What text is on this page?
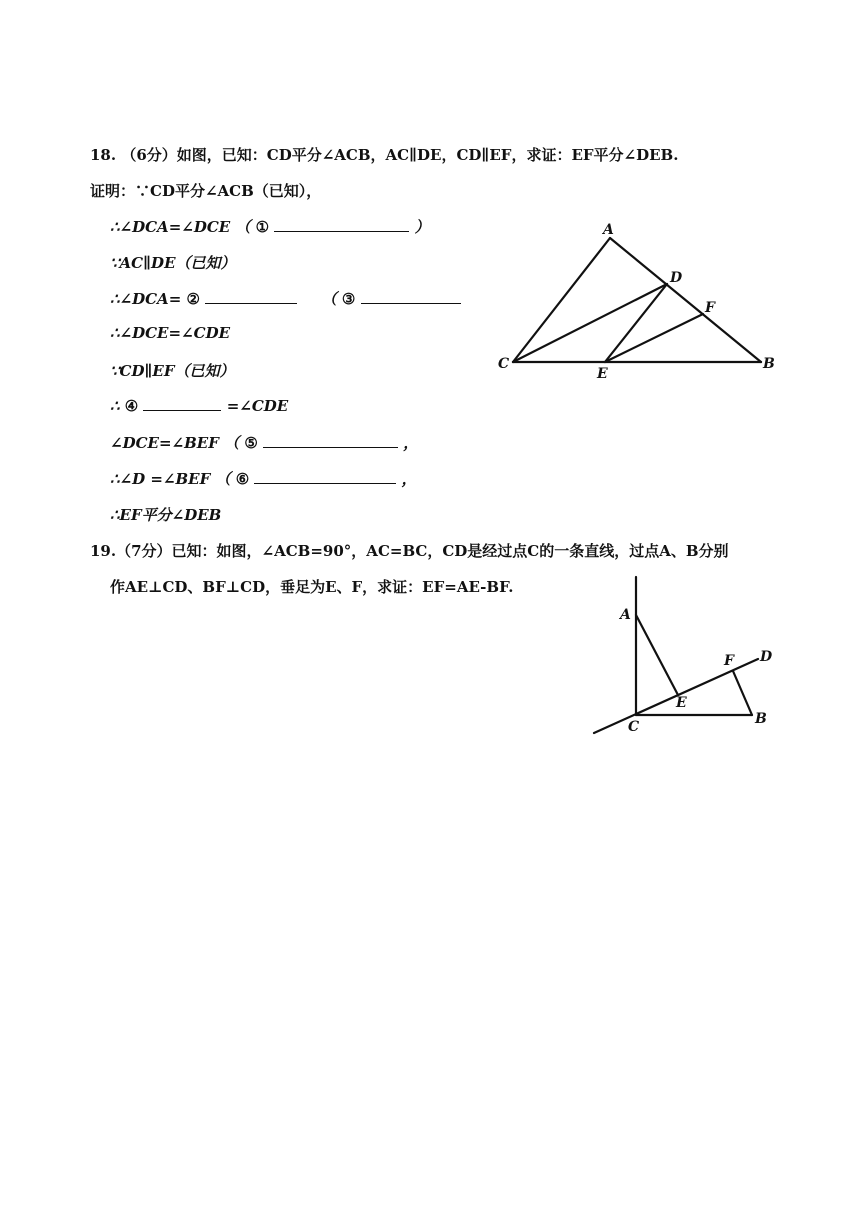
18. （6分）如图，已知：CD平分∠ACB，AC∥DE，CD∥EF，求证：EF平分∠DEB.
证明：∵CD平分∠ACB（已知），
∴∠DCA=∠DCE （ ①	）
∵AC∥DE（已知）
∴∠DCA= ②	（ ③
∴∠DCE=∠CDE
∵CD∥EF（已知）
∴ ④	=∠CDE
∠DCE=∠BEF （ ⑤	，
∴∠D =∠BEF （ ⑥	，
∴EF平分∠DEB
A
D
F
C
E
B
19.（7分）已知：如图，∠ACB=90°，AC=BC，CD是经过点C的一条直线，过点A、B分别
作AE⊥CD、BF⊥CD，垂足为E、F，求证：EF=AE-BF.
A
F D
E
C	B
